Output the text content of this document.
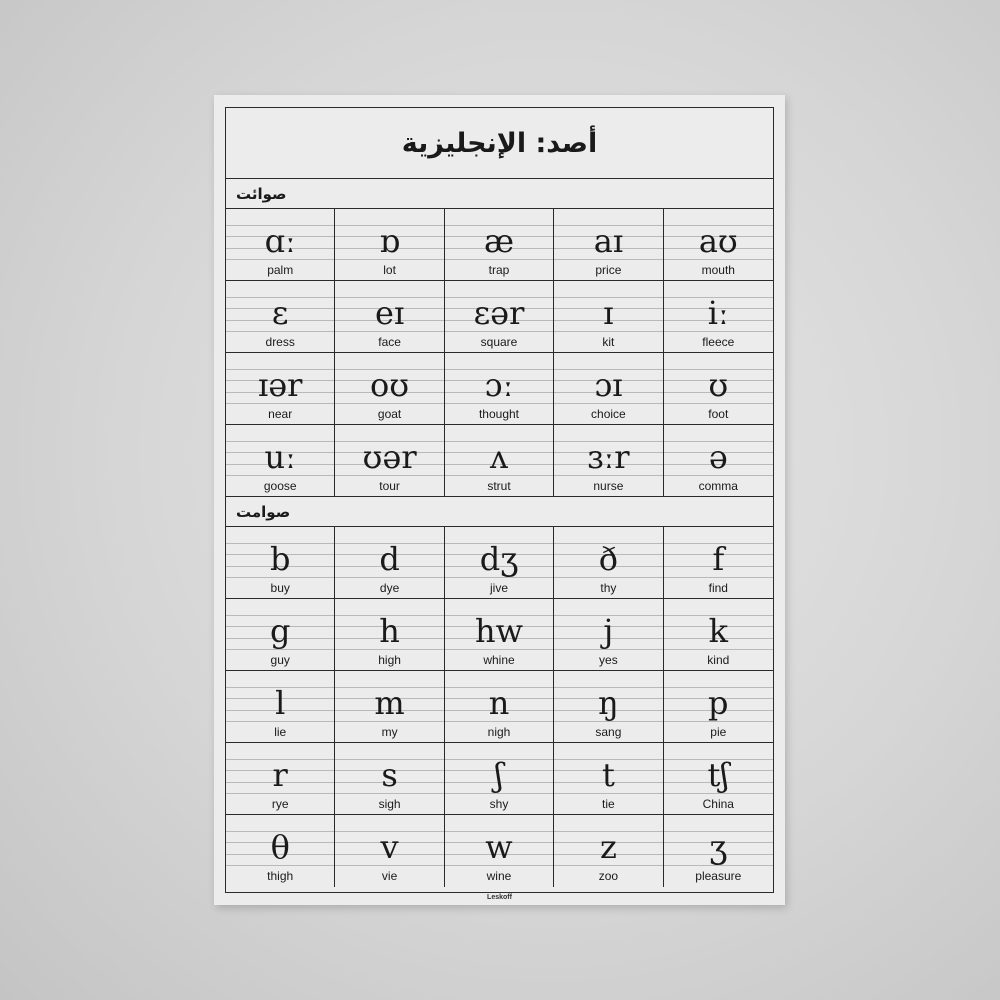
أصد: الإنجليزية
صوائت
ɑː
palm
ɒ
lot
æ
trap
aɪ
price
aʊ
mouth
ɛ
dress
eɪ
face
ɛər
square
ɪ
kit
iː
fleece
ɪər
near
oʊ
goat
ɔː
thought
ɔɪ
choice
ʊ
foot
uː
goose
ʊər
tour
ʌ
strut
ɜːr
nurse
ə
comma
صوامت
b
buy
d
dye
dʒ
jive
ð
thy
f
find
g
guy
h
high
hw
whine
j
yes
k
kind
l
lie
m
my
n
nigh
ŋ
sang
p
pie
r
rye
s
sigh
ʃ
shy
t
tie
tʃ
China
θ
thigh
v
vie
w
wine
z
zoo
ʒ
pleasure
Leskoff
